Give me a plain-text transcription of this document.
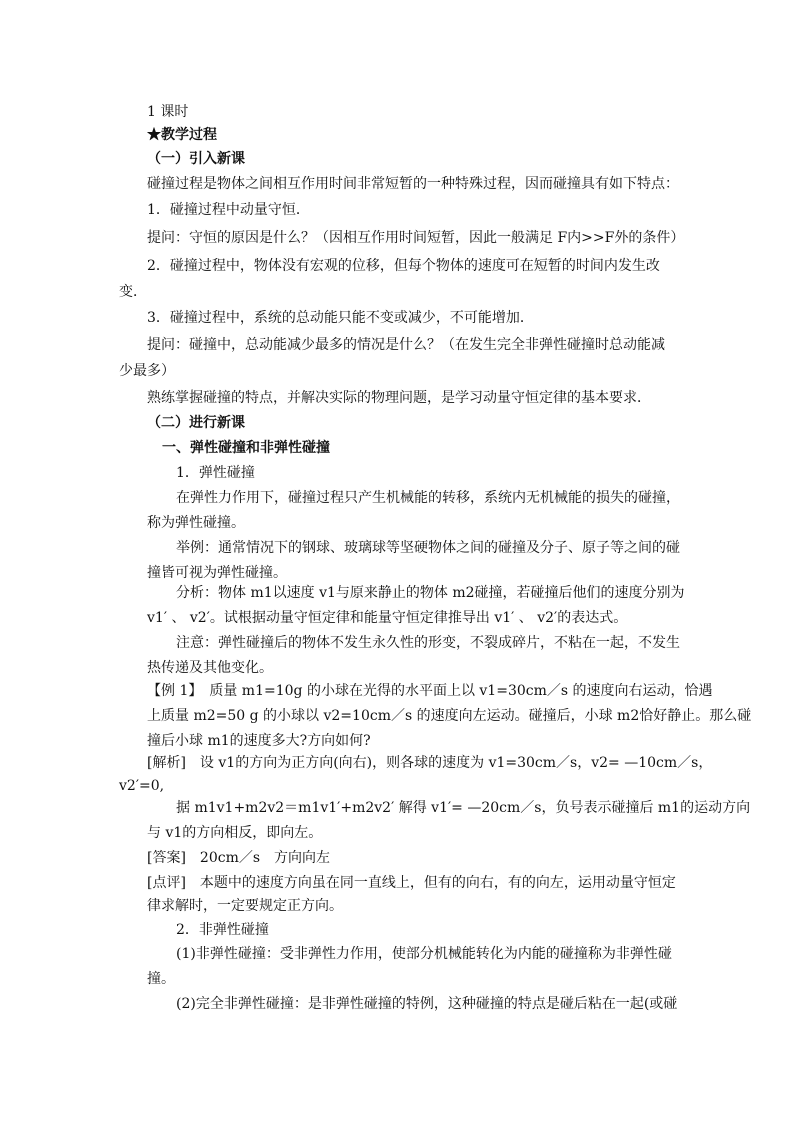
1 课时
★教学过程
（一）引入新课
碰撞过程是物体之间相互作用时间非常短暂的一种特殊过程，因而碰撞具有如下特点：
1．碰撞过程中动量守恒．
提问：守恒的原因是什么？（因相互作用时间短暂，因此一般满足 F内>>F外的条件）
2．碰撞过程中，物体没有宏观的位移，但每个物体的速度可在短暂的时间内发生改
变．
3．碰撞过程中，系统的总动能只能不变或减少，不可能增加．
提问：碰撞中，总动能减少最多的情况是什么？（在发生完全非弹性碰撞时总动能减
少最多）
熟练掌握碰撞的特点，并解决实际的物理问题，是学习动量守恒定律的基本要求．
（二）进行新课
一、弹性碰撞和非弹性碰撞
1．弹性碰撞
在弹性力作用下，碰撞过程只产生机械能的转移，系统内无机械能的损失的碰撞，
称为弹性碰撞。
举例：通常情况下的钢球、玻璃球等坚硬物体之间的碰撞及分子、原子等之间的碰
撞皆可视为弹性碰撞。
分析：物体 m1以速度 v1与原来静止的物体 m2碰撞，若碰撞后他们的速度分别为
v1′ 、 v2′。试根据动量守恒定律和能量守恒定律推导出 v1′ 、 v2′的表达式。
注意：弹性碰撞后的物体不发生永久性的形变，不裂成碎片，不粘在一起，不发生
热传递及其他变化。
【例 1】　质量 m1=10g 的小球在光得的水平面上以 v1=30cm／s 的速度向右运动，恰遇
上质量 m2=50 g 的小球以 v2=10cm／s 的速度向左运动。碰撞后，小球 m2恰好静止。那么碰
撞后小球 m1的速度多大?方向如何?
[解析]　设 v1的方向为正方向(向右)，则各球的速度为 v1=30cm／s，v2= —10cm／s，
v2′=0,
据 m1v1+m2v2＝m1v1′+m2v2′ 解得 v1′= —20cm／s，负号表示碰撞后 m1的运动方向
与 v1的方向相反，即向左。
[答案]　20cm／s　方向向左
[点评]　本题中的速度方向虽在同一直线上，但有的向右，有的向左，运用动量守恒定
律求解时，一定要规定正方向。
2．非弹性碰撞
(1)非弹性碰撞：受非弹性力作用，使部分机械能转化为内能的碰撞称为非弹性碰
撞。
(2)完全非弹性碰撞：是非弹性碰撞的特例，这种碰撞的特点是碰后粘在一起(或碰
